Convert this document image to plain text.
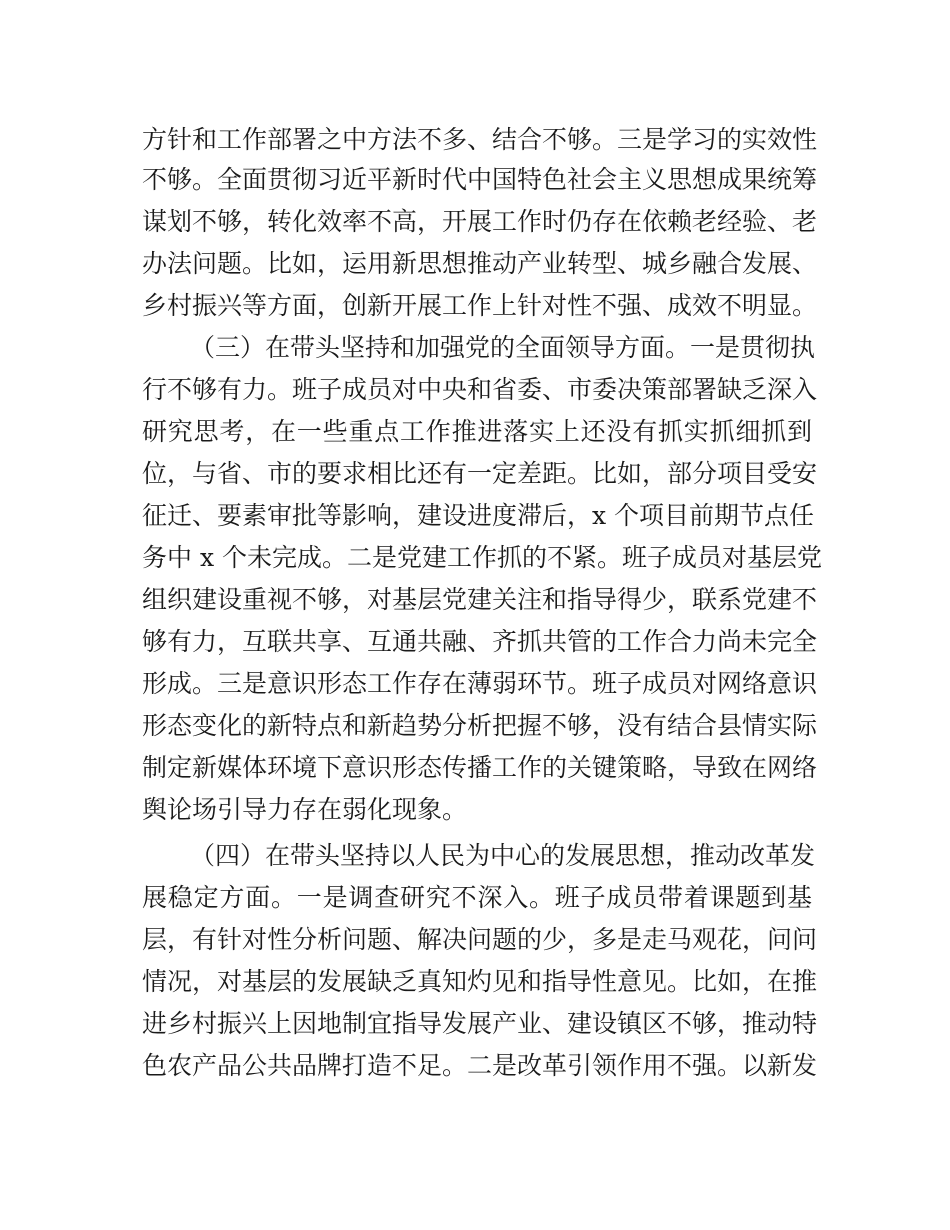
方针和工作部署之中方法不多、结合不够。三是学习的实效性
不够。全面贯彻习近平新时代中国特色社会主义思想成果统筹
谋划不够，转化效率不高，开展工作时仍存在依赖老经验、老
办法问题。比如，运用新思想推动产业转型、城乡融合发展、
乡村振兴等方面，创新开展工作上针对性不强、成效不明显。
（三）在带头坚持和加强党的全面领导方面。一是贯彻执
行不够有力。班子成员对中央和省委、市委决策部署缺乏深入
研究思考，在一些重点工作推进落实上还没有抓实抓细抓到
位，与省、市的要求相比还有一定差距。比如，部分项目受安
征迁、要素审批等影响，建设进度滞后，x 个项目前期节点任
务中 x 个未完成。二是党建工作抓的不紧。班子成员对基层党
组织建设重视不够，对基层党建关注和指导得少，联系党建不
够有力，互联共享、互通共融、齐抓共管的工作合力尚未完全
形成。三是意识形态工作存在薄弱环节。班子成员对网络意识
形态变化的新特点和新趋势分析把握不够，没有结合县情实际
制定新媒体环境下意识形态传播工作的关键策略，导致在网络
舆论场引导力存在弱化现象。
（四）在带头坚持以人民为中心的发展思想，推动改革发
展稳定方面。一是调查研究不深入。班子成员带着课题到基
层，有针对性分析问题、解决问题的少，多是走马观花，问问
情况，对基层的发展缺乏真知灼见和指导性意见。比如，在推
进乡村振兴上因地制宜指导发展产业、建设镇区不够，推动特
色农产品公共品牌打造不足。二是改革引领作用不强。以新发
